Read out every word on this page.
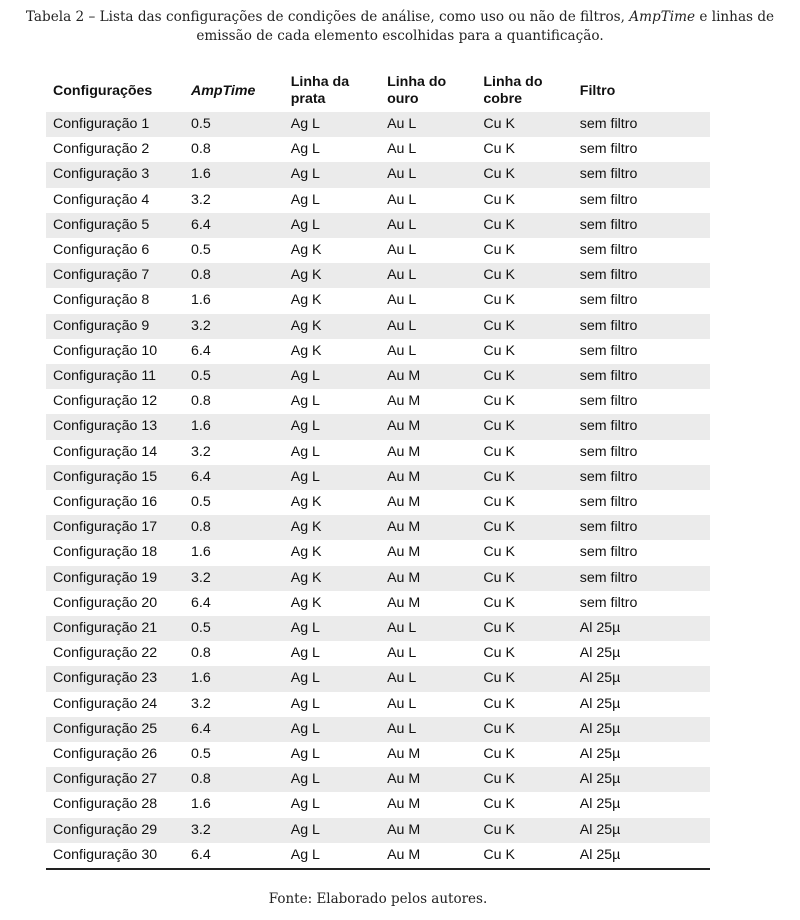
Tabela 2 – Lista das configurações de condições de análise, como uso ou não de filtros, AmpTime e linhas de
emissão de cada elemento escolhidas para a quantificação.
Configurações	AmpTime	Linha da prata	Linha do ouro	Linha do cobre	Filtro
Configuração 1	0.5	Ag L	Au L	Cu K	sem filtro
Configuração 2	0.8	Ag L	Au L	Cu K	sem filtro
Configuração 3	1.6	Ag L	Au L	Cu K	sem filtro
Configuração 4	3.2	Ag L	Au L	Cu K	sem filtro
Configuração 5	6.4	Ag L	Au L	Cu K	sem filtro
Configuração 6	0.5	Ag K	Au L	Cu K	sem filtro
Configuração 7	0.8	Ag K	Au L	Cu K	sem filtro
Configuração 8	1.6	Ag K	Au L	Cu K	sem filtro
Configuração 9	3.2	Ag K	Au L	Cu K	sem filtro
Configuração 10	6.4	Ag K	Au L	Cu K	sem filtro
Configuração 11	0.5	Ag L	Au M	Cu K	sem filtro
Configuração 12	0.8	Ag L	Au M	Cu K	sem filtro
Configuração 13	1.6	Ag L	Au M	Cu K	sem filtro
Configuração 14	3.2	Ag L	Au M	Cu K	sem filtro
Configuração 15	6.4	Ag L	Au M	Cu K	sem filtro
Configuração 16	0.5	Ag K	Au M	Cu K	sem filtro
Configuração 17	0.8	Ag K	Au M	Cu K	sem filtro
Configuração 18	1.6	Ag K	Au M	Cu K	sem filtro
Configuração 19	3.2	Ag K	Au M	Cu K	sem filtro
Configuração 20	6.4	Ag K	Au M	Cu K	sem filtro
Configuração 21	0.5	Ag L	Au L	Cu K	Al 25µ
Configuração 22	0.8	Ag L	Au L	Cu K	Al 25µ
Configuração 23	1.6	Ag L	Au L	Cu K	Al 25µ
Configuração 24	3.2	Ag L	Au L	Cu K	Al 25µ
Configuração 25	6.4	Ag L	Au L	Cu K	Al 25µ
Configuração 26	0.5	Ag L	Au M	Cu K	Al 25µ
Configuração 27	0.8	Ag L	Au M	Cu K	Al 25µ
Configuração 28	1.6	Ag L	Au M	Cu K	Al 25µ
Configuração 29	3.2	Ag L	Au M	Cu K	Al 25µ
Configuração 30	6.4	Ag L	Au M	Cu K	Al 25µ
Fonte: Elaborado pelos autores.
